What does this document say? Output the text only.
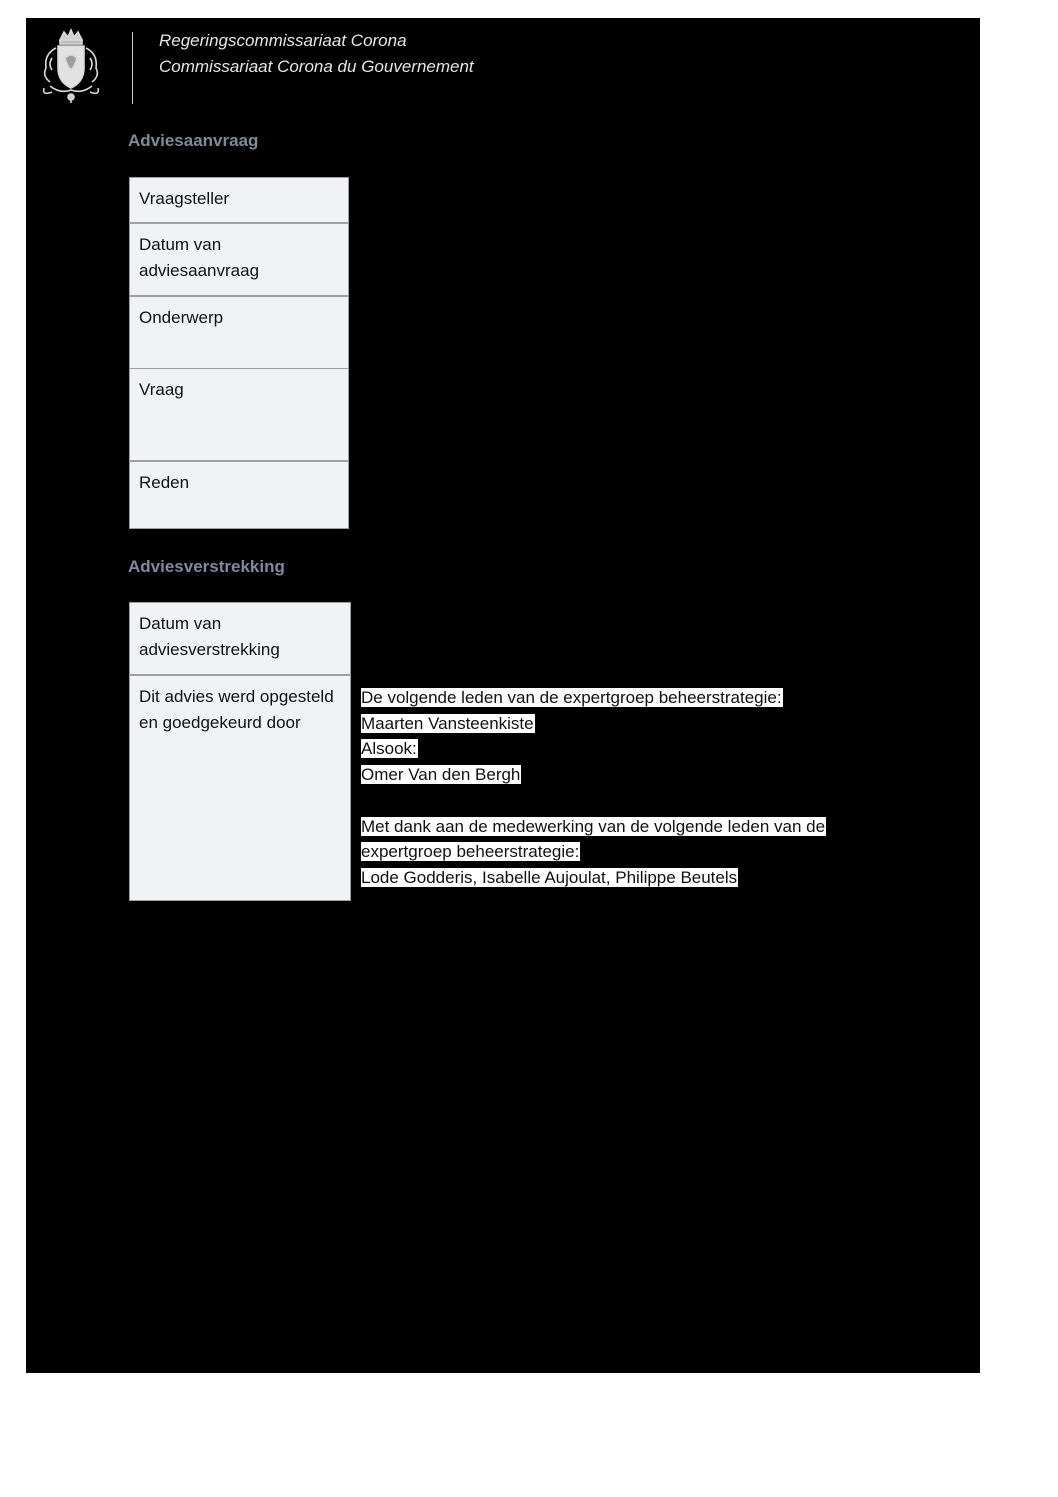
Regeringscommissariaat Corona
Commissariaat Corona du Gouvernement
Adviesaanvraag
Vraagsteller
Datum van
adviesaanvraag
Onderwerp
Vraag
Reden
Adviesverstrekking
Datum van
adviesverstrekking
Dit advies werd opgesteld
en goedgekeurd door
De volgende leden van de expertgroep beheerstrategie:
Maarten Vansteenkiste
Alsook:
Omer Van den Bergh
Met dank aan de medewerking van de volgende leden van de
expertgroep beheerstrategie:
Lode Godderis, Isabelle Aujoulat, Philippe Beutels
